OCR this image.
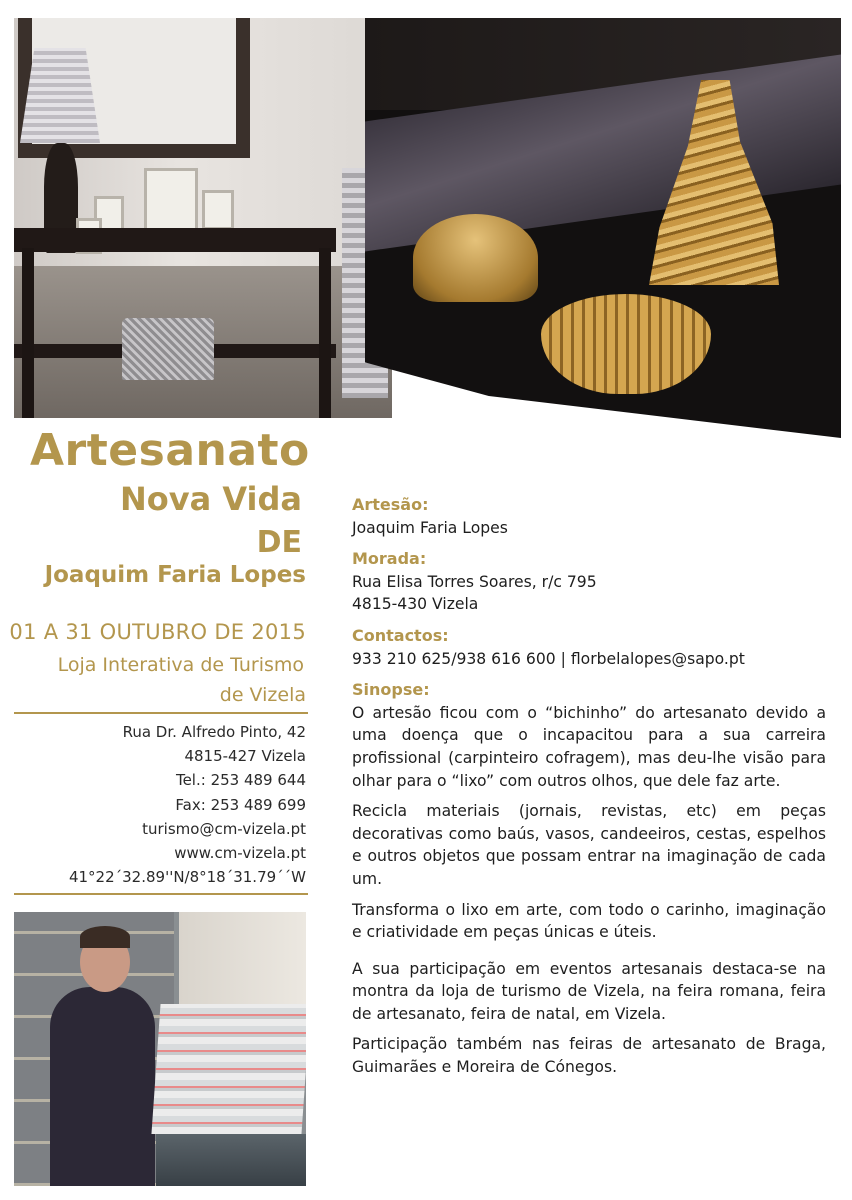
Artesanato
Nova Vida
DE
Joaquim Faria Lopes
01 A 31 OUTUBRO DE 2015
Loja Interativa de Turismo
de Vizela
Rua Dr. Alfredo Pinto, 42
4815-427 Vizela
Tel.: 253 489 644
Fax: 253 489 699
turismo@cm-vizela.pt
www.cm-vizela.pt
41°22´32.89''N/8°18´31.79´´W
Artesão:
Joaquim Faria Lopes
Morada:
Rua Elisa Torres Soares, r/c 795
4815-430 Vizela
Contactos:
933 210 625/938 616 600 | florbelalopes@sapo.pt
Sinopse:

O artesão ficou com o “bichinho” do artesanato devido a uma doença que o incapacitou para a sua carreira profissional (carpinteiro cofragem), mas deu-lhe visão para olhar para o “lixo” com outros olhos, que dele faz arte.

Recicla materiais (jornais, revistas, etc) em peças decorativas como baús, vasos, candeeiros, cestas, espelhos e outros objetos que possam entrar na imaginação de cada um.

Transforma o lixo em arte, com todo o carinho, imaginação e criatividade em peças únicas e úteis.

A sua participação em eventos artesanais destaca-se na montra da loja de turismo de Vizela, na feira romana, feira de artesanato, feira de natal, em Vizela.

Participação também nas feiras de artesanato de Braga, Guimarães e Moreira de Cónegos.
